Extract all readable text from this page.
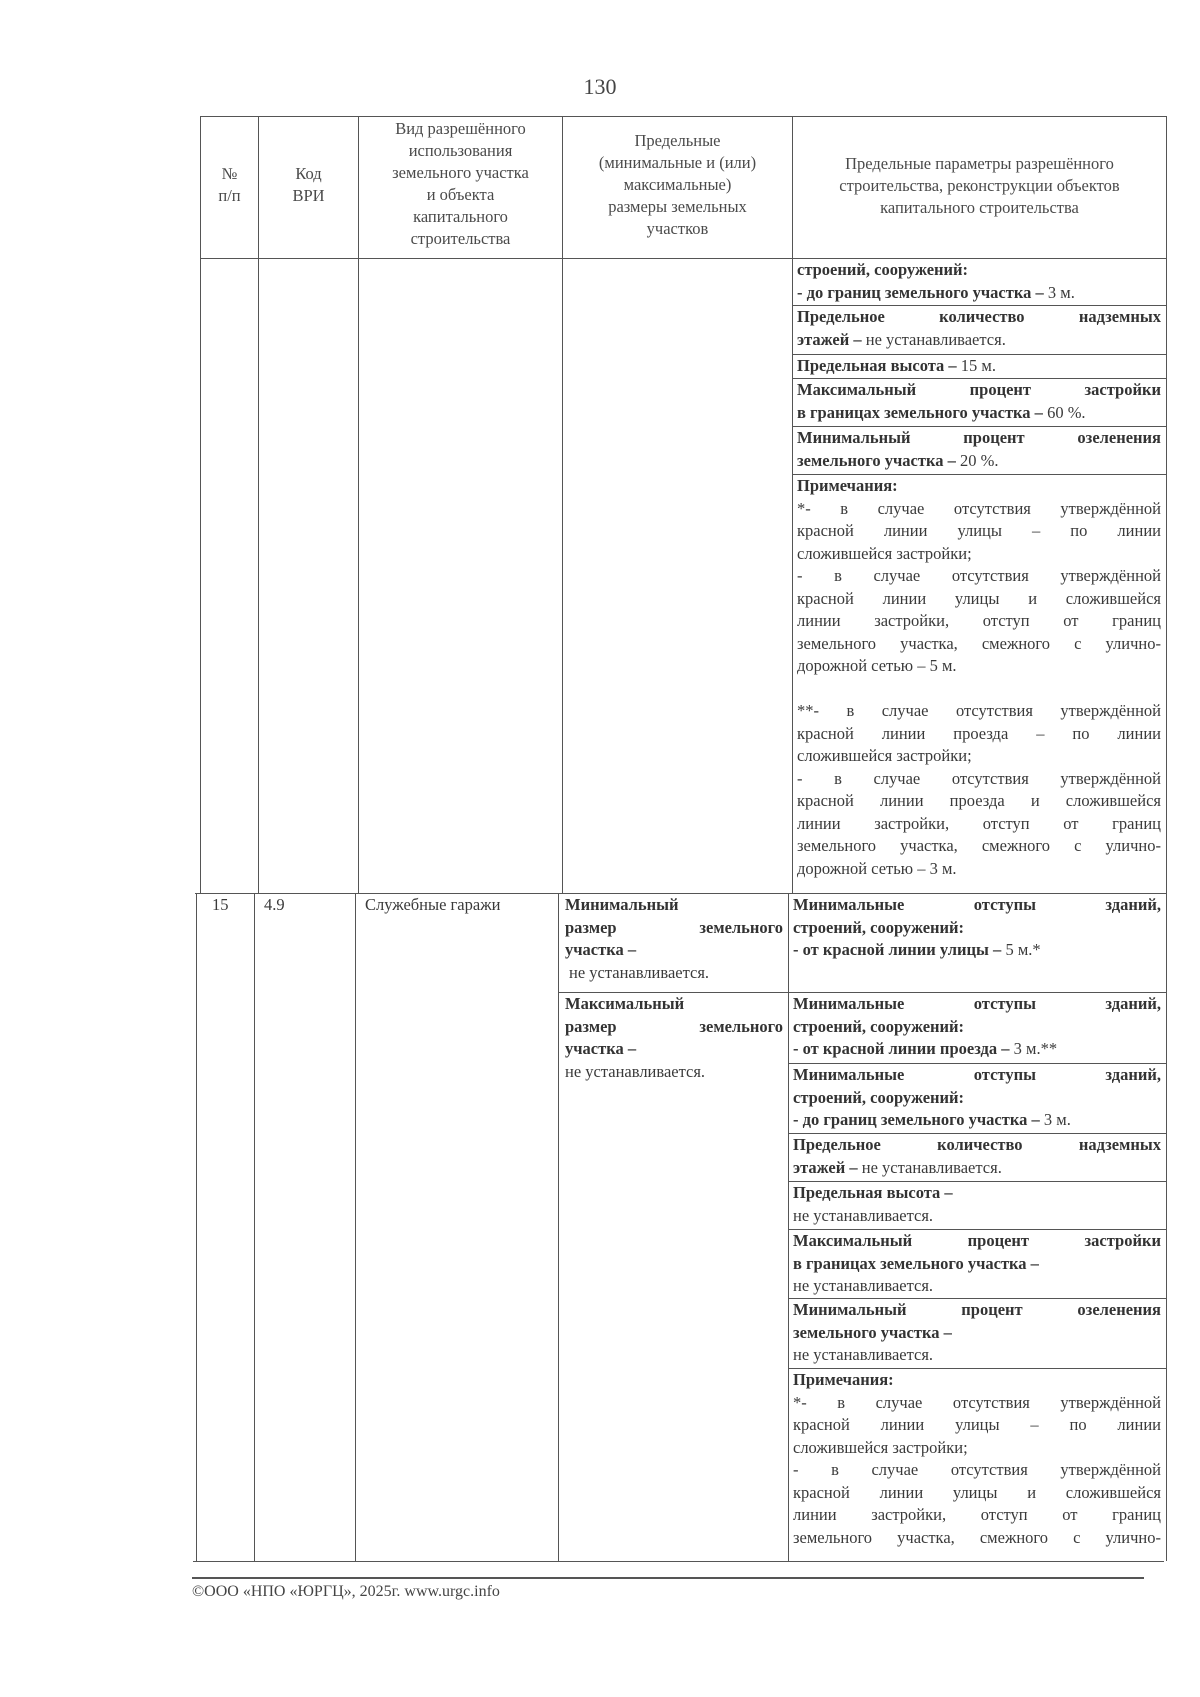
130
№
п/п
Код
ВРИ
Вид разрешённого
использования
земельного участка
и объекта
капитального
строительства
Предельные
(минимальные и (или)
максимальные)
размеры земельных
участков
Предельные параметры разрешённого
строительства, реконструкции объектов
капитального строительства
строений, сооружений:
- до границ земельного участка – 3 м.
Предельное количество надземных
этажей – не устанавливается.
Предельная высота – 15 м.
Максимальный процент застройки
в границах земельного участка – 60 %.
Минимальный процент озеленения
земельного участка – 20 %.
Примечания:
*- в случае отсутствия утверждённой
красной линии улицы – по линии
сложившейся застройки;
- в случае отсутствия утверждённой
красной линии улицы и сложившейся
линии застройки, отступ от границ
земельного участка, смежного с улично-
дорожной сетью – 5 м.
**- в случае отсутствия утверждённой
красной линии проезда – по линии
сложившейся застройки;
- в случае отсутствия утверждённой
красной линии проезда и сложившейся
линии застройки, отступ от границ
земельного участка, смежного с улично-
дорожной сетью – 3 м.
15 4.9	Служебные гаражи	Минимальный
размер земельного
участка –
не устанавливается.
Максимальный
размер земельного
участка –
не устанавливается.
Минимальные отступы зданий,
строений, сооружений:
- от красной линии улицы – 5 м.*
Минимальные отступы зданий,
строений, сооружений:
- от красной линии проезда – 3 м.**
Минимальные отступы зданий,
строений, сооружений:
- до границ земельного участка – 3 м.
Предельное количество надземных
этажей – не устанавливается.
Предельная высота –
не устанавливается.
Максимальный процент застройки
в границах земельного участка –
не устанавливается.
Минимальный процент озеленения
земельного участка –
не устанавливается.
Примечания:
*- в случае отсутствия утверждённой
красной линии улицы – по линии
сложившейся застройки;
- в случае отсутствия утверждённой
красной линии улицы и сложившейся
линии застройки, отступ от границ
земельного участка, смежного с улично-
©ООО «НПО «ЮРГЦ», 2025г. www.urgc.info
